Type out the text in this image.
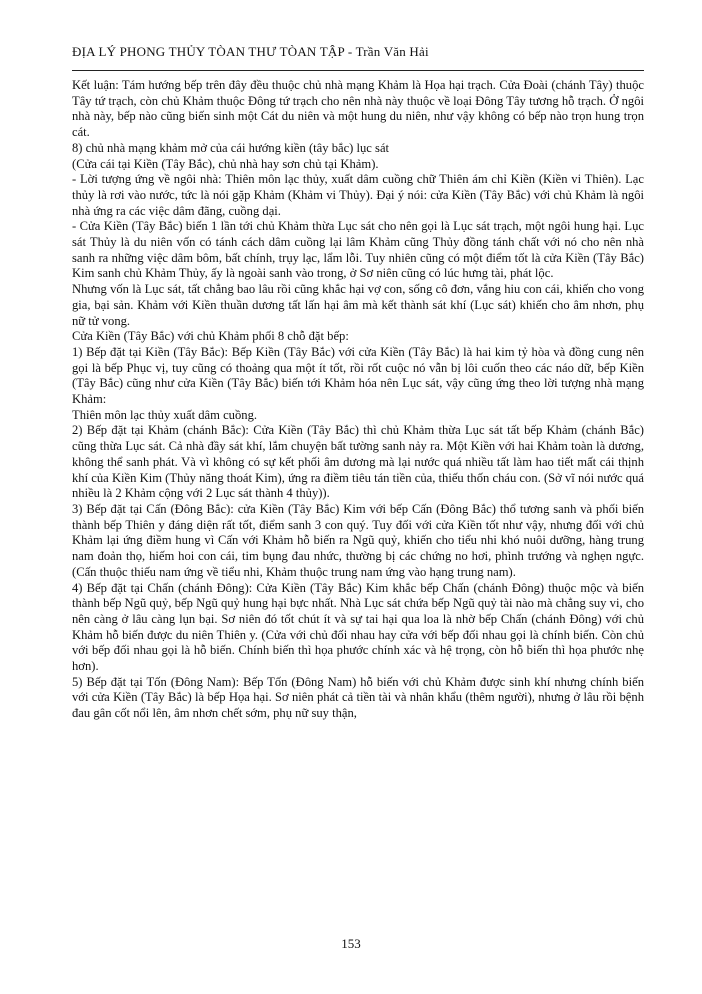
ĐỊA LÝ PHONG THỦY TÒAN THƯ TÒAN TẬP - Trần Văn Hải

Kết luận: Tám hướng bếp trên đây đều thuộc chủ nhà mạng Khảm là Họa hại trạch. Cửa Đoài (chánh Tây) thuộc Tây tứ trạch, còn chủ Khảm thuộc Đông tứ trạch cho nên nhà này thuộc về loại Đông Tây tương hỗ trạch. Ở ngôi nhà này, bếp nào cũng biến sinh một Cát du niên và một hung du niên, như vậy không có bếp nào trọn hung trọn cát.

8) chủ nhà mạng khảm mở của cái hướng kiền (tây bắc) lục sát

(Cửa cái tại Kiền (Tây Bắc), chủ nhà hay sơn chủ tại Khảm).

- Lời tượng ứng về ngôi nhà: Thiên môn lạc thủy, xuất dâm cuồng chữ Thiên ám chỉ Kiền (Kiền vi Thiên). Lạc thủy là rơi vào nước, tức là nói gặp Khảm (Khảm vi Thủy). Đại ý nói: cửa Kiền (Tây Bắc) với chủ Khảm là ngôi nhà ứng ra các việc dâm đãng, cuồng dại.

- Cửa Kiền (Tây Bắc) biến 1 lần tới chủ Khảm thừa Lục sát cho nên gọi là Lục sát trạch, một ngôi hung hại. Lục sát Thủy là du niên vốn có tánh cách dâm cuồng lại lâm Khảm cũng Thủy đồng tánh chất với nó cho nên nhà sanh ra những việc dâm bôm, bất chính, trụy lạc, lẩm lỗi. Tuy nhiên cũng có một điểm tốt là cửa Kiền (Tây Bắc) Kim sanh chủ Khảm Thủy, ấy là ngoài sanh vào trong, ở Sơ niên cũng có lúc hưng tài, phát lộc.

Nhưng vốn là Lục sát, tất chẳng bao lâu rồi cũng khắc hại vợ con, sống cô đơn, vắng hiu con cái, khiến cho vong gia, bại sản. Khảm với Kiền thuần dương tất lấn hại âm mà kết thành sát khí (Lục sát) khiến cho âm nhơn, phụ nữ tử vong.

Cửa Kiền (Tây Bắc) với chủ Khảm phối 8 chỗ đặt bếp:

1) Bếp đặt tại Kiền (Tây Bắc): Bếp Kiền (Tây Bắc) với cửa Kiền (Tây Bắc) là hai kim tỷ hòa và đồng cung nên gọi là bếp Phục vị, tuy cũng có thoảng qua một ít tốt, rồi rốt cuộc nó vẫn bị lôi cuốn theo các náo dữ, bếp Kiền (Tây Bắc) cũng như cửa Kiền (Tây Bắc) biến tới Khảm hóa nên Lục sát, vậy cũng ứng theo lời tượng nhà mạng Khảm:

Thiên môn lạc thủy xuất dâm cuồng.

2) Bếp đặt tại Khảm (chánh Bắc): Cửa Kiền (Tây Bắc) thì chủ Khảm thừa Lục sát tất bếp Khảm (chánh Bắc) cũng thừa Lục sát. Cả nhà đầy sát khí, lắm chuyện bất tường sanh nảy ra. Một Kiền với hai Khảm toàn là dương, không thể sanh phát. Và vì không có sự kết phối âm dương mà lại nước quá nhiều tất làm hao tiết mất cái thịnh khí của Kiền Kim (Thủy năng thoát Kim), ứng ra điềm tiêu tán tiền của, thiếu thốn cháu con. (Sở vĩ nói nước quá nhiều là 2 Khảm cộng với 2 Lục sát thành 4 thủy)).

3) Bếp đặt tại Cấn (Đông Bắc): cửa Kiền (Tây Bắc) Kim với bếp Cấn (Đông Bắc) thổ tương sanh và phối biến thành bếp Thiên y đáng diện rất tốt, điểm sanh 3 con quý. Tuy đối với cửa Kiền tốt như vậy, nhưng đối với chủ Khảm lại ứng điềm hung vì Cấn với Khảm hỗ biến ra Ngũ quỷ, khiến cho tiểu nhi khó nuôi dưỡng, hàng trung nam đoản thọ, hiếm hoi con cái, tim bụng đau nhức, thường bị các chứng no hơi, phình trướng và nghẹn ngực. (Cấn thuộc thiếu nam ứng về tiểu nhi, Khảm thuộc trung nam ứng vào hạng trung nam).

4) Bếp đặt tại Chấn (chánh Đông): Cửa Kiền (Tây Bắc) Kim khắc bếp Chấn (chánh Đông) thuộc mộc và biến thành bếp Ngũ quỷ, bếp Ngũ quỷ hung hại bực nhất. Nhà Lục sát chứa bếp Ngũ quỷ tài nào mà chẳng suy vi, cho nên càng ở lâu càng lụn bại. Sơ niên đó tốt chút ít và sự tai hại qua loa là nhờ bếp Chấn (chánh Đông) với chủ Khảm hỗ biến được du niên Thiên y. (Cửa với chủ đối nhau hay cửa với bếp đối nhau gọi là chính biến. Còn chủ với bếp đối nhau gọi là hỗ biến. Chính biến thì họa phước chính xác và hệ trọng, còn hỗ biến thì họa phước nhẹ hơn).

5) Bếp đặt tại Tốn (Đông Nam): Bếp Tốn (Đông Nam) hỗ biến với chủ Khảm được sinh khí nhưng chính biến với cửa Kiền (Tây Bắc) là bếp Họa hại. Sơ niên phát cả tiền tài và nhân khẩu (thêm người), nhưng ở lâu rồi bệnh đau gân cốt nổi lên, âm nhơn chết sớm, phụ nữ suy thận,

153
